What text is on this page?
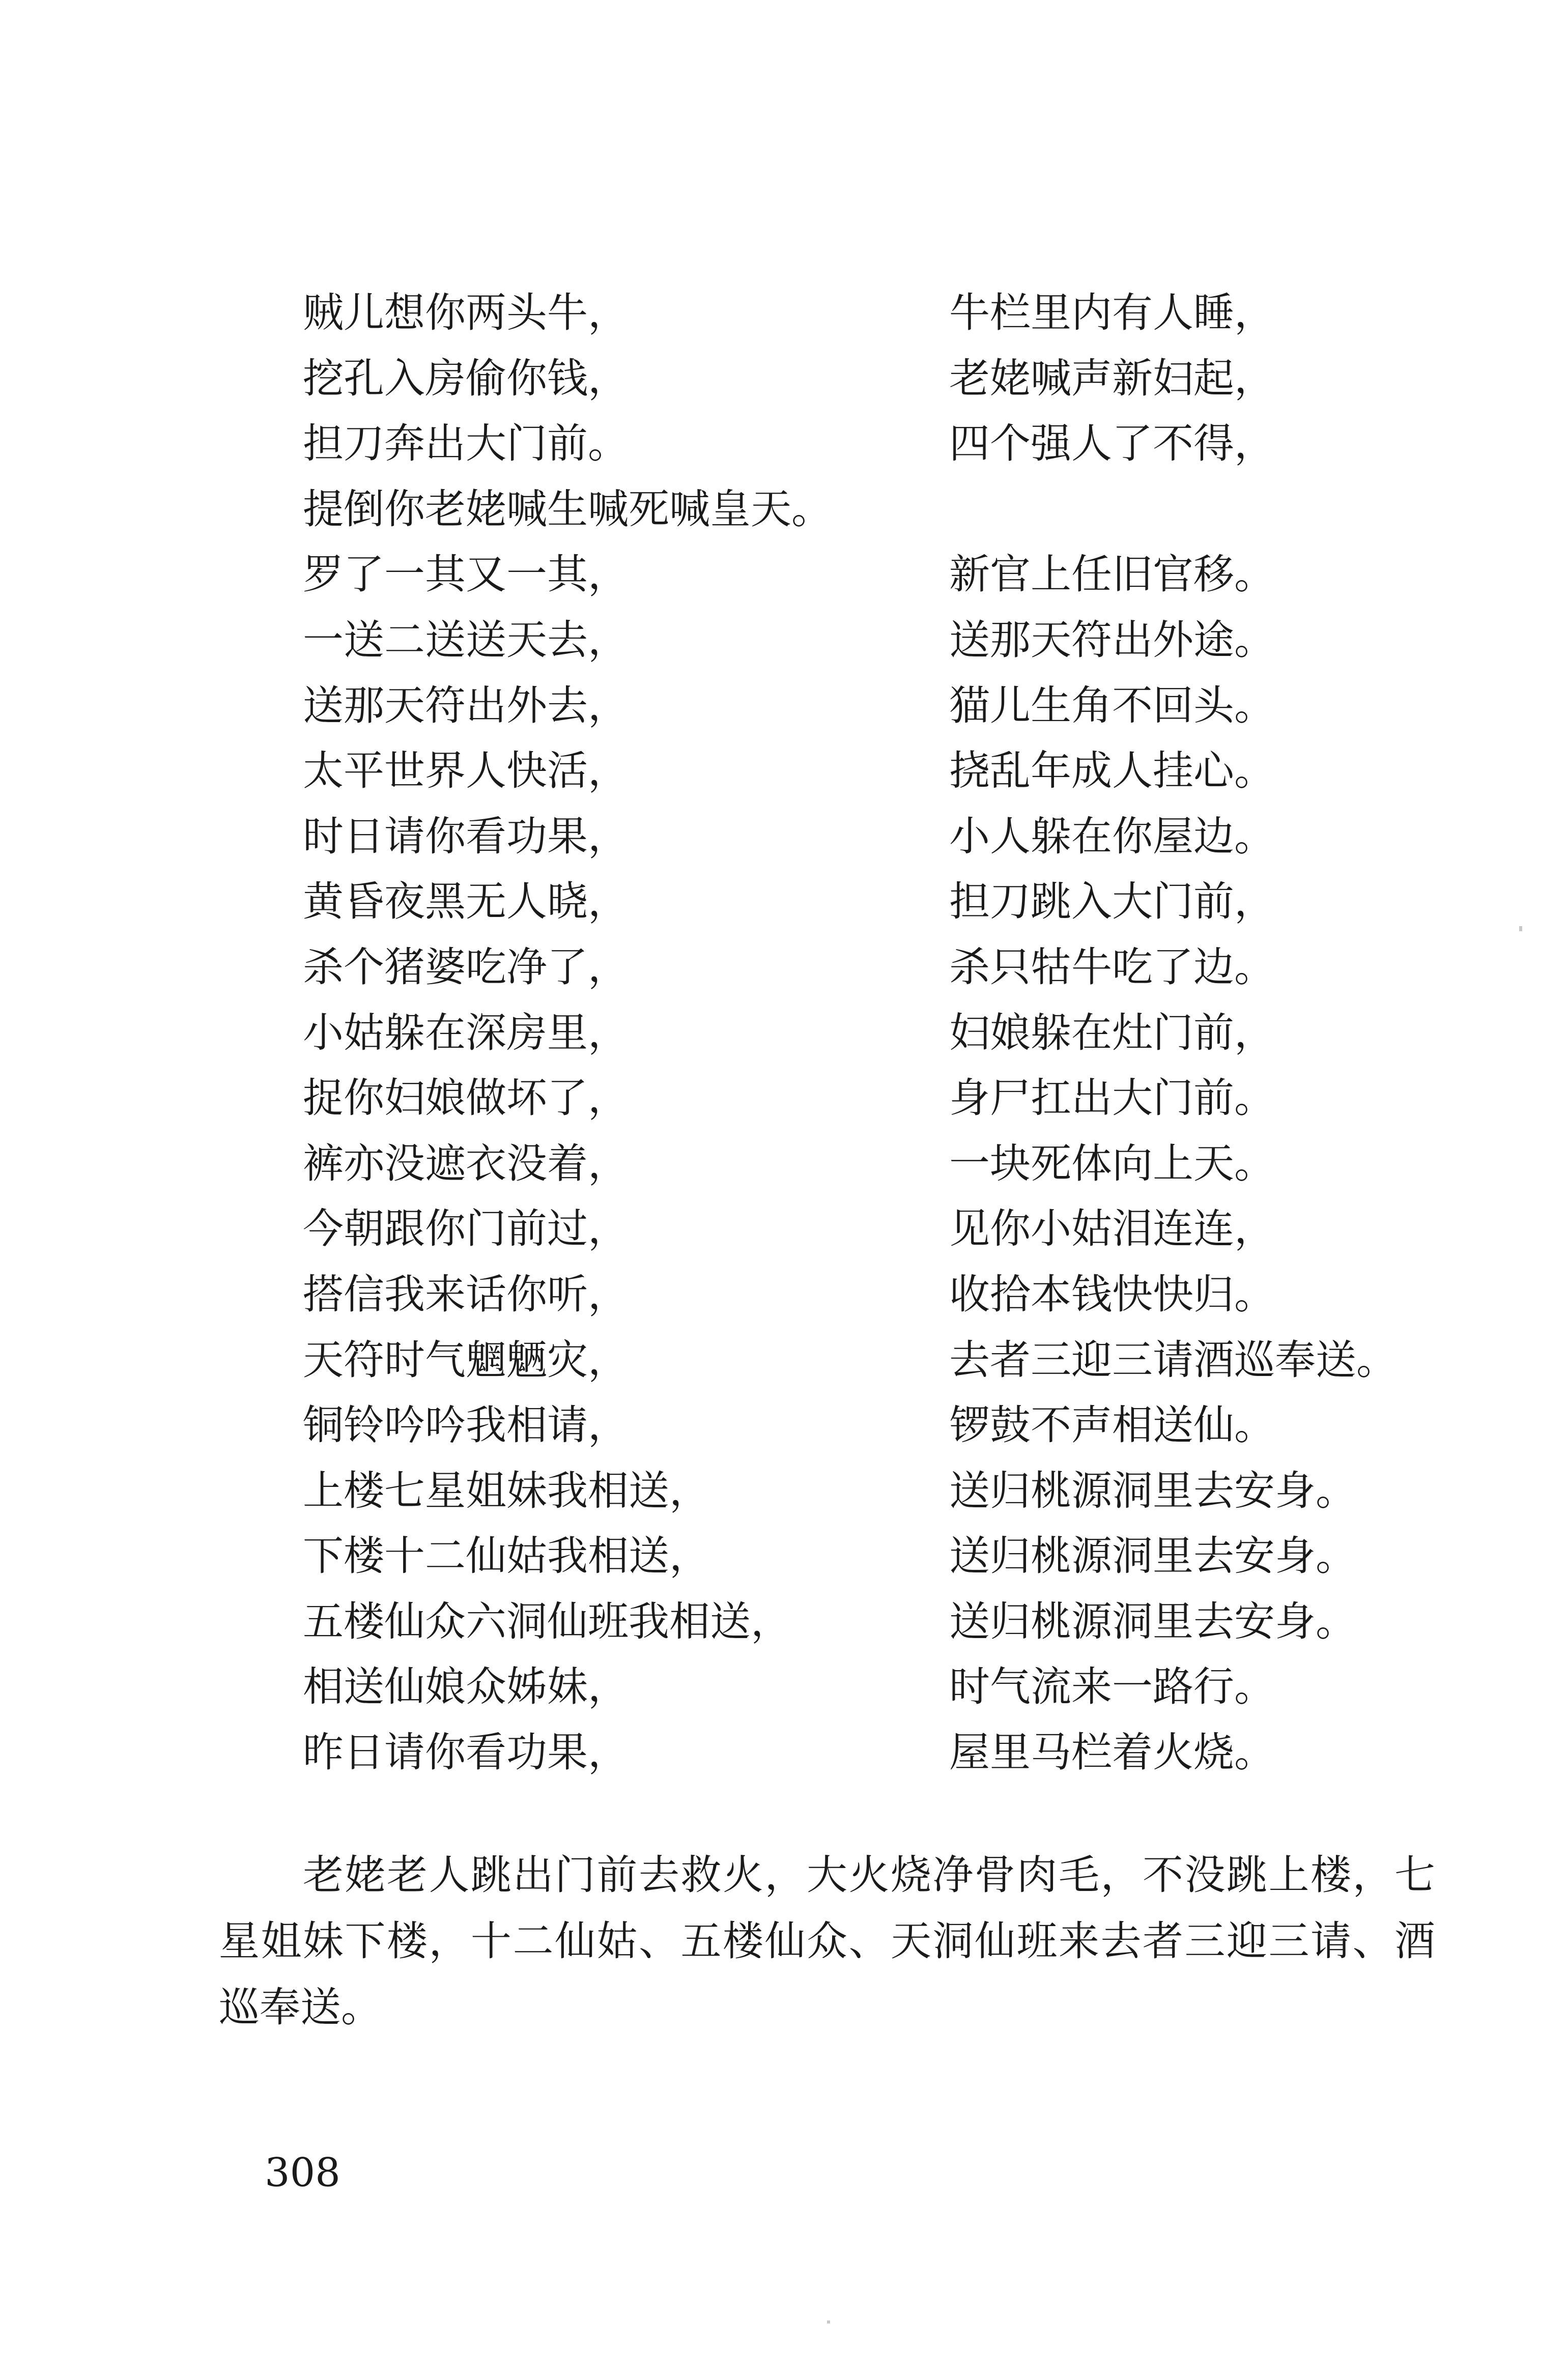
贼儿想你两头牛，	牛栏里内有人睡，
挖孔入房偷你钱，	老姥喊声新妇起，
担刀奔出大门前。	四个强人了不得，
提倒你老姥喊生喊死喊皇天。
罗了一其又一其，	新官上任旧官移。
一送二送送天去，	送那天符出外途。
送那天符出外去，	猫儿生角不回头。
太平世界人快活，	挠乱年成人挂心。
时日请你看功果，	小人躲在你屋边。
黄昏夜黑无人晓，	担刀跳入大门前，
杀个猪婆吃净了，	杀只牯牛吃了边。
小姑躲在深房里，	妇娘躲在灶门前，
捉你妇娘做坏了，	身尸扛出大门前。
裤亦没遮衣没着，	一块死体向上天。
今朝跟你门前过，	见你小姑泪连连，
搭信我来话你听，	收拾本钱快快归。
天符时气魍魉灾，	去者三迎三请酒巡奉送。
铜铃吟吟我相请，	锣鼓不声相送仙。
上楼七星姐妹我相送，	送归桃源洞里去安身。
下楼十二仙姑我相送，	送归桃源洞里去安身。
五楼仙众六洞仙班我相送，	送归桃源洞里去安身。
相送仙娘众姊妹，	时气流来一路行。
昨日请你看功果，	屋里马栏着火烧。

老姥老人跳出门前去救火，大火烧净骨肉毛，不没跳上楼，七星姐妹下楼，十二仙姑、五楼仙众、天洞仙班来去者三迎三请、酒巡奉送。

308
